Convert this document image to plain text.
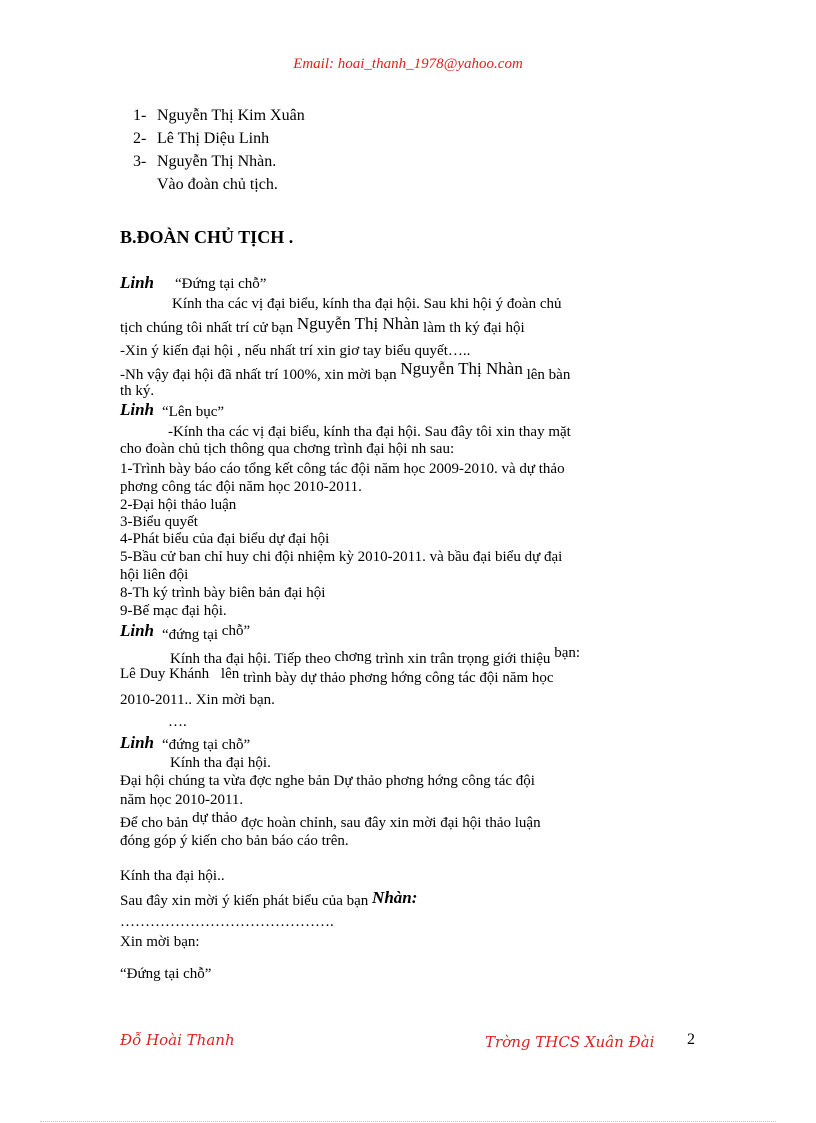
Email: hoai_thanh_1978@yahoo.com
1- Nguyễn Thị Kim Xuân
2- Lê Thị Diệu Linh
3- Nguyễn Thị Nhàn.
Vào đoàn chủ tịch.
B.ĐOÀN CHỦ TỊCH .
Linh “Đứng tại chỗ”
Kính tha các vị đại biểu, kính tha đại hội. Sau khi hội ý đoàn chủ
tịch chúng tôi nhất trí cử bạn Nguyễn Thị Nhàn làm th ký đại hội
-Xin ý kiến đại hội , nếu nhất trí xin giơ tay biểu quyết…..
-Nh vậy đại hội đã nhất trí 100%, xin mời bạn Nguyễn Thị Nhàn lên bàn
th ký.
Linh “Lên bục”
-Kính tha các vị đại biểu, kính tha đại hội. Sau đây tôi xin thay mặt
cho đoàn chủ tịch thông qua chơng trình đại hội nh sau:
1-Trình bày báo cáo tổng kết công tác đội năm học 2009-2010. và dự thảo
phơng công tác đội năm học 2010-2011.
2-Đại hội thảo luận
3-Biểu quyết
4-Phát biểu của đại biểu dự đại hội
5-Bầu cử ban chỉ huy chi đội nhiệm kỳ 2010-2011. và bầu đại biểu dự đại
hội liên đội
8-Th ký trình bày biên bản đại hội
9-Bế mạc đại hội.
Linh “đứng tại chỗ”
Kính tha đại hội. Tiếp theo chơng trình xin trân trọng giới thiệu bạn:
Lê Duy Khánh lên trình bày dự thảo phơng hớng công tác đội năm học
2010-2011.. Xin mời bạn.
….
Linh “đứng tại chỗ”
Kính tha đại hội.
Đại hội chúng ta vừa đợc nghe bản Dự thảo phơng hớng công tác đội
năm học 2010-2011.
Để cho bản dự thảo đợc hoàn chỉnh, sau đây xin mời đại hội thảo luận
đóng góp ý kiến cho bản báo cáo trên.
Kính tha đại hội..
Sau đây xin mời ý kiến phát biểu của bạn Nhàn:
…………………………………….
Xin mời bạn:
“Đứng tại chỗ”
Đỗ Hoài Thanh	Trờng THCS Xuân Đài 2
